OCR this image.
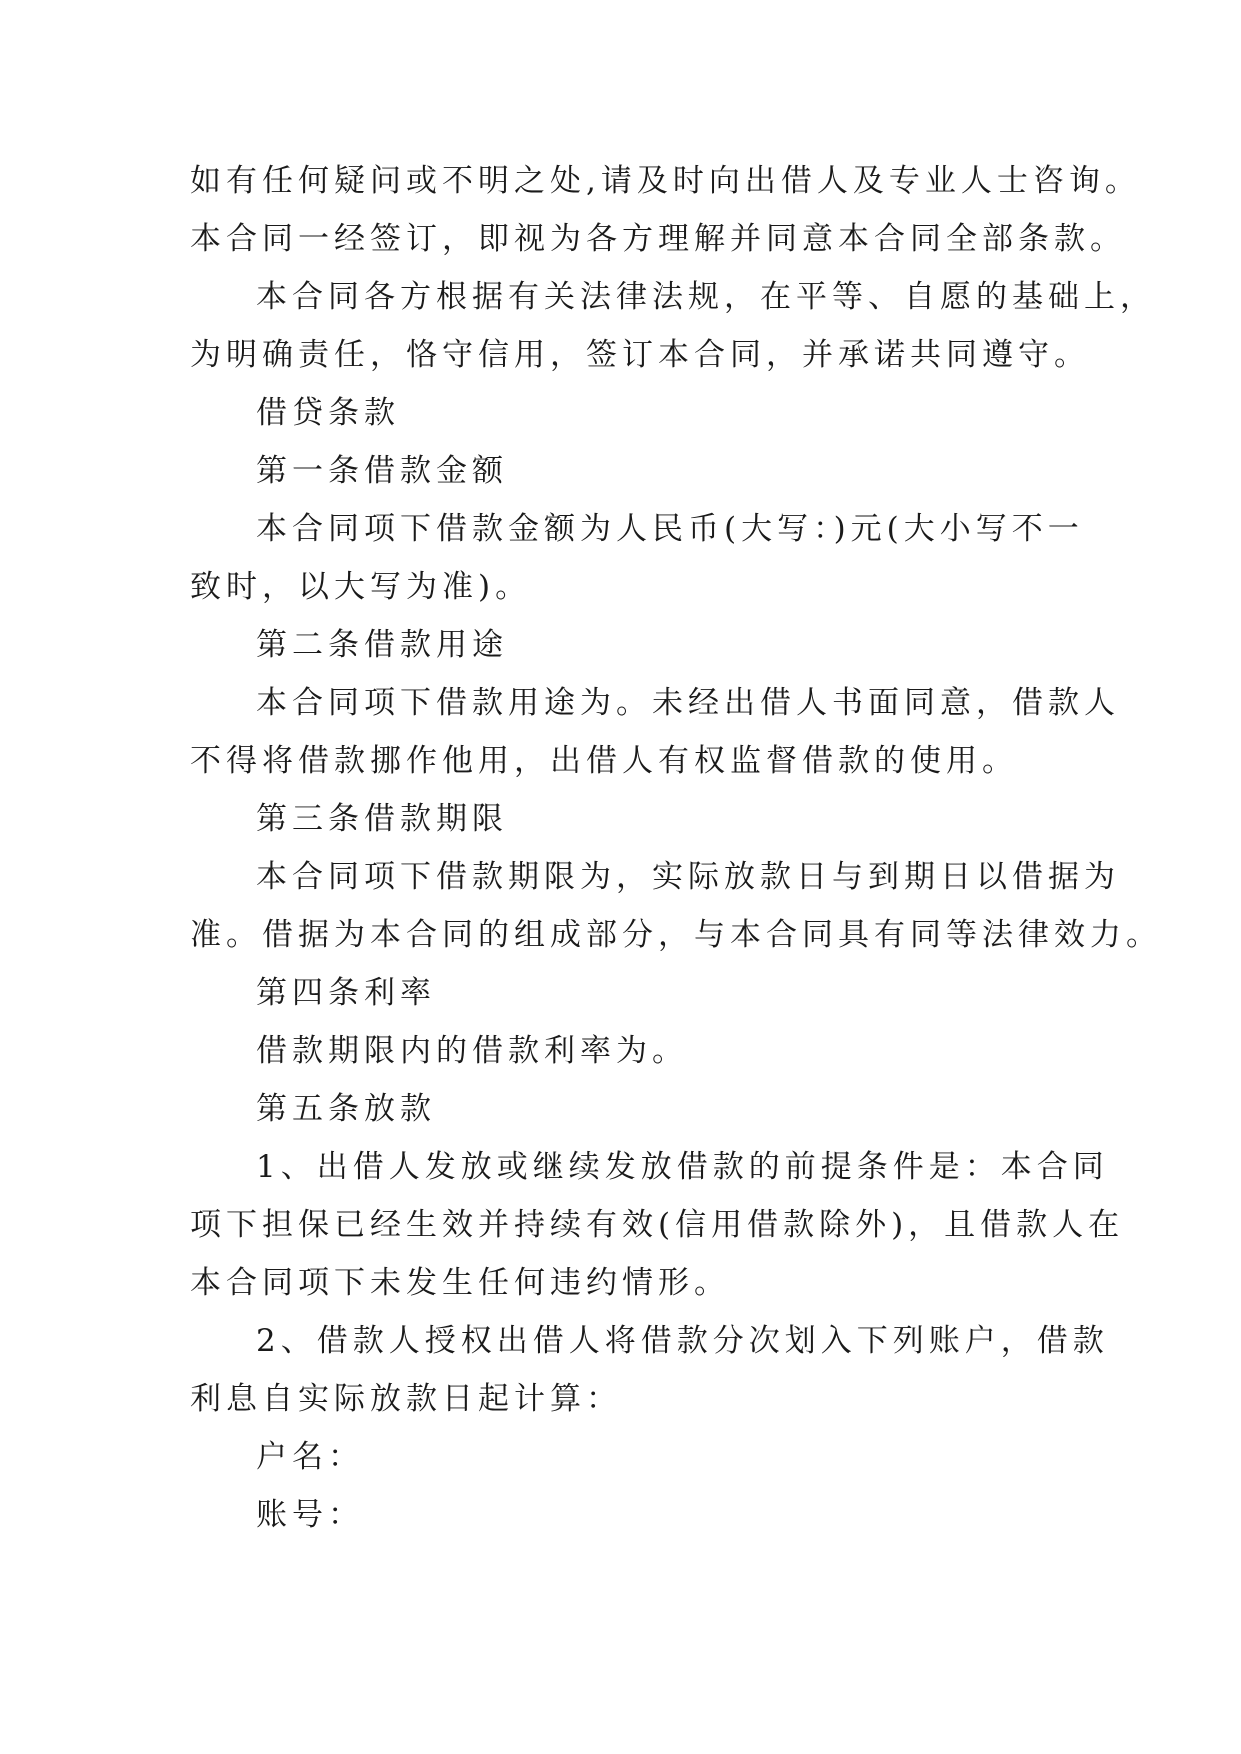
如有任何疑问或不明之处,请及时向出借人及专业人士咨询。
本合同一经签订，即视为各方理解并同意本合同全部条款。
本合同各方根据有关法律法规，在平等、自愿的基础上，
为明确责任，恪守信用，签订本合同，并承诺共同遵守。
借贷条款
第一条借款金额
本合同项下借款金额为人民币(大写：)元(大小写不一
致时，以大写为准)。
第二条借款用途
本合同项下借款用途为。未经出借人书面同意，借款人
不得将借款挪作他用，出借人有权监督借款的使用。
第三条借款期限
本合同项下借款期限为，实际放款日与到期日以借据为
准。借据为本合同的组成部分，与本合同具有同等法律效力。
第四条利率
借款期限内的借款利率为。
第五条放款
1、出借人发放或继续发放借款的前提条件是：本合同
项下担保已经生效并持续有效(信用借款除外)，且借款人在
本合同项下未发生任何违约情形。
2、借款人授权出借人将借款分次划入下列账户，借款
利息自实际放款日起计算：
户名：
账号：
